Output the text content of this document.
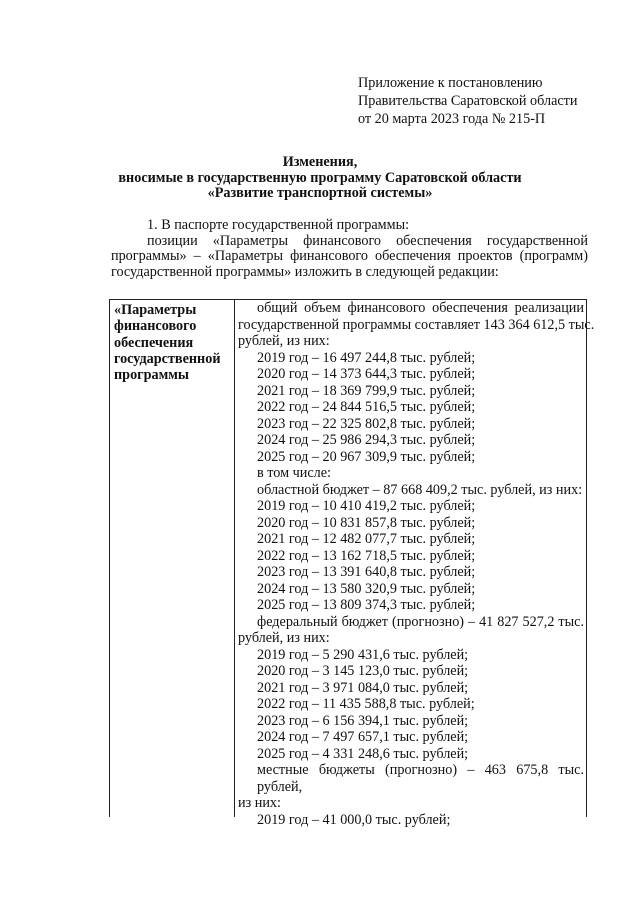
Приложение к постановлению
Правительства Саратовской области
от 20 марта 2023 года № 215-П
Изменения,
вносимые в государственную программу Саратовской области
«Развитие транспортной системы»
1. В паспорте государственной программы:
позиции «Параметры финансового обеспечения государственной
программы» – «Параметры финансового обеспечения проектов (программ)
государственной программы» изложить в следующей редакции:
«Параметры
финансового
обеспечения
государственной
программы
общий объем финансового обеспечения реализации
государственной программы составляет 143 364 612,5 тыс.
рублей, из них:
2019 год – 16 497 244,8 тыс. рублей;
2020 год – 14 373 644,3 тыс. рублей;
2021 год – 18 369 799,9 тыс. рублей;
2022 год – 24 844 516,5 тыс. рублей;
2023 год – 22 325 802,8 тыс. рублей;
2024 год – 25 986 294,3 тыс. рублей;
2025 год – 20 967 309,9 тыс. рублей;
в том числе:
областной бюджет – 87 668 409,2 тыс. рублей, из них:
2019 год – 10 410 419,2 тыс. рублей;
2020 год – 10 831 857,8 тыс. рублей;
2021 год – 12 482 077,7 тыс. рублей;
2022 год – 13 162 718,5 тыс. рублей;
2023 год – 13 391 640,8 тыс. рублей;
2024 год – 13 580 320,9 тыс. рублей;
2025 год – 13 809 374,3 тыс. рублей;
федеральный бюджет (прогнозно) – 41 827 527,2 тыс.
рублей, из них:
2019 год – 5 290 431,6 тыс. рублей;
2020 год – 3 145 123,0 тыс. рублей;
2021 год – 3 971 084,0 тыс. рублей;
2022 год – 11 435 588,8 тыс. рублей;
2023 год – 6 156 394,1 тыс. рублей;
2024 год – 7 497 657,1 тыс. рублей;
2025 год – 4 331 248,6 тыс. рублей;
местные бюджеты (прогнозно) – 463 675,8 тыс. рублей,
из них:
2019 год – 41 000,0 тыс. рублей;
